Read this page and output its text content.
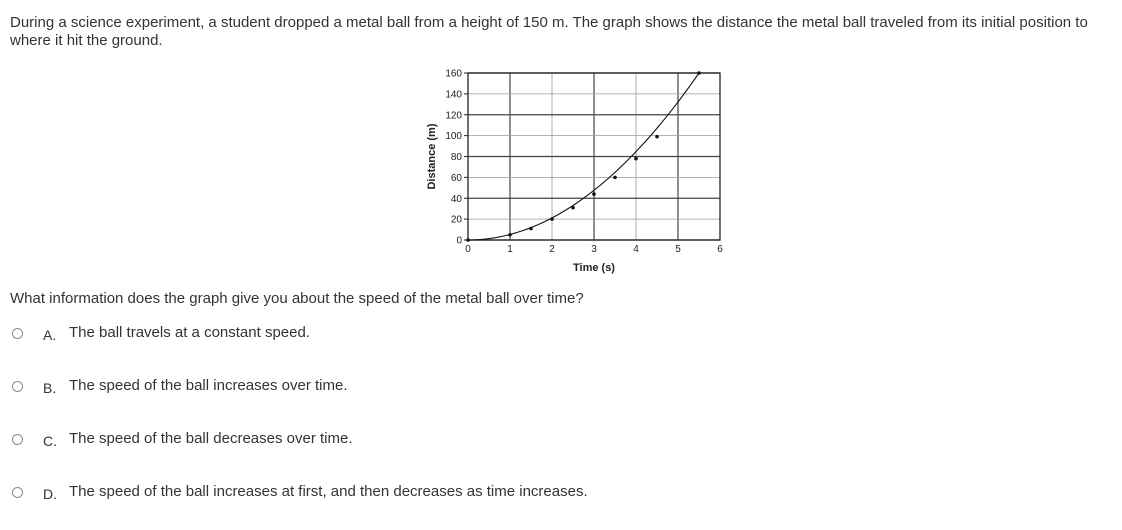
During a science experiment, a student dropped a metal ball from a height of 150 m. The graph shows the distance the metal ball traveled from its initial position to where it hit the ground.
0
20
40
60
80
100
120
140
160
0	1	2	3	4	5	6
Time (s)
Distance (m)
What information does the graph give you about the speed of the metal ball over time?
A. The ball travels at a constant speed.
B. The speed of the ball increases over time.
C. The speed of the ball decreases over time.
D. The speed of the ball increases at first, and then decreases as time increases.
